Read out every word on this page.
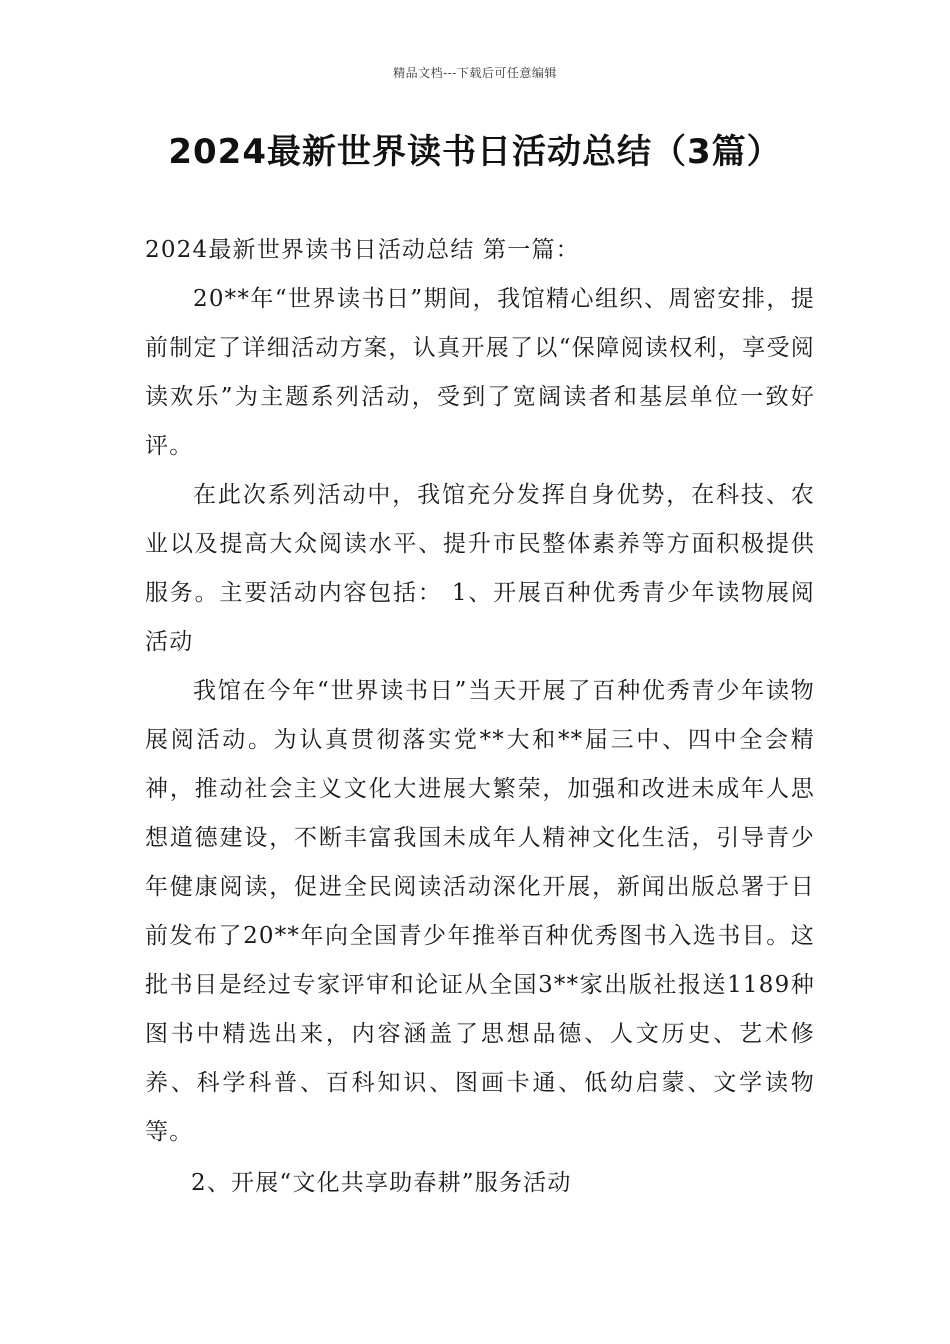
精品文档---下载后可任意编辑
2024最新世界读书日活动总结（3篇）

2024最新世界读书日活动总结 第一篇：

20**年“世界读书日”期间，我馆精心组织、周密安排，提前制定了详细活动方案，认真开展了以“保障阅读权利，享受阅读欢乐”为主题系列活动，受到了宽阔读者和基层单位一致好评。

在此次系列活动中，我馆充分发挥自身优势，在科技、农业以及提高大众阅读水平、提升市民整体素养等方面积极提供服务。主要活动内容包括： 1、开展百种优秀青少年读物展阅活动

我馆在今年“世界读书日”当天开展了百种优秀青少年读物展阅活动。为认真贯彻落实党**大和**届三中、四中全会精神，推动社会主义文化大进展大繁荣，加强和改进未成年人思想道德建设，不断丰富我国未成年人精神文化生活，引导青少年健康阅读，促进全民阅读活动深化开展，新闻出版总署于日前发布了20**年向全国青少年推举百种优秀图书入选书目。这批书目是经过专家评审和论证从全国3**家出版社报送1189种图书中精选出来，内容涵盖了思想品德、人文历史、艺术修养、科学科普、百科知识、图画卡通、低幼启蒙、文学读物等。

2、开展“文化共享助春耕”服务活动
